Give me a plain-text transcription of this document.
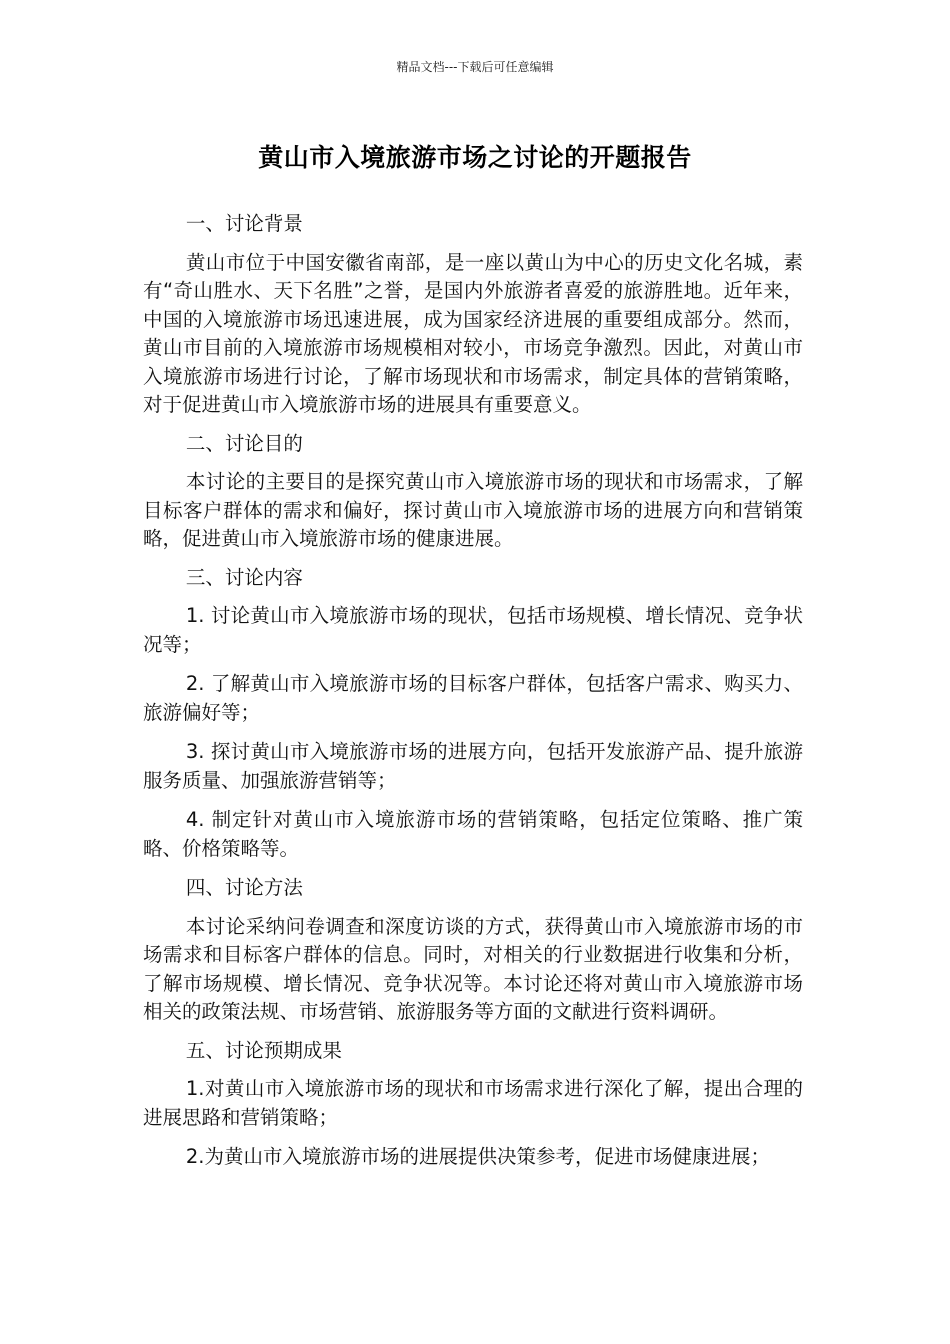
精品文档---下载后可任意编辑
黄山市入境旅游市场之讨论的开题报告
一、讨论背景

黄山市位于中国安徽省南部，是一座以黄山为中心的历史文化名城，素有“奇山胜水、天下名胜”之誉，是国内外旅游者喜爱的旅游胜地。近年来，中国的入境旅游市场迅速进展，成为国家经济进展的重要组成部分。然而，黄山市目前的入境旅游市场规模相对较小，市场竞争激烈。因此，对黄山市入境旅游市场进行讨论，了解市场现状和市场需求，制定具体的营销策略，对于促进黄山市入境旅游市场的进展具有重要意义。

二、讨论目的

本讨论的主要目的是探究黄山市入境旅游市场的现状和市场需求，了解目标客户群体的需求和偏好，探讨黄山市入境旅游市场的进展方向和营销策略，促进黄山市入境旅游市场的健康进展。

三、讨论内容

1. 讨论黄山市入境旅游市场的现状，包括市场规模、增长情况、竞争状况等；

2. 了解黄山市入境旅游市场的目标客户群体，包括客户需求、购买力、旅游偏好等；

3. 探讨黄山市入境旅游市场的进展方向，包括开发旅游产品、提升旅游服务质量、加强旅游营销等；

4. 制定针对黄山市入境旅游市场的营销策略，包括定位策略、推广策略、价格策略等。

四、讨论方法

本讨论采纳问卷调查和深度访谈的方式，获得黄山市入境旅游市场的市场需求和目标客户群体的信息。同时，对相关的行业数据进行收集和分析，了解市场规模、增长情况、竞争状况等。本讨论还将对黄山市入境旅游市场相关的政策法规、市场营销、旅游服务等方面的文献进行资料调研。

五、讨论预期成果

1.对黄山市入境旅游市场的现状和市场需求进行深化了解，提出合理的进展思路和营销策略；

2.为黄山市入境旅游市场的进展提供决策参考，促进市场健康进展；
